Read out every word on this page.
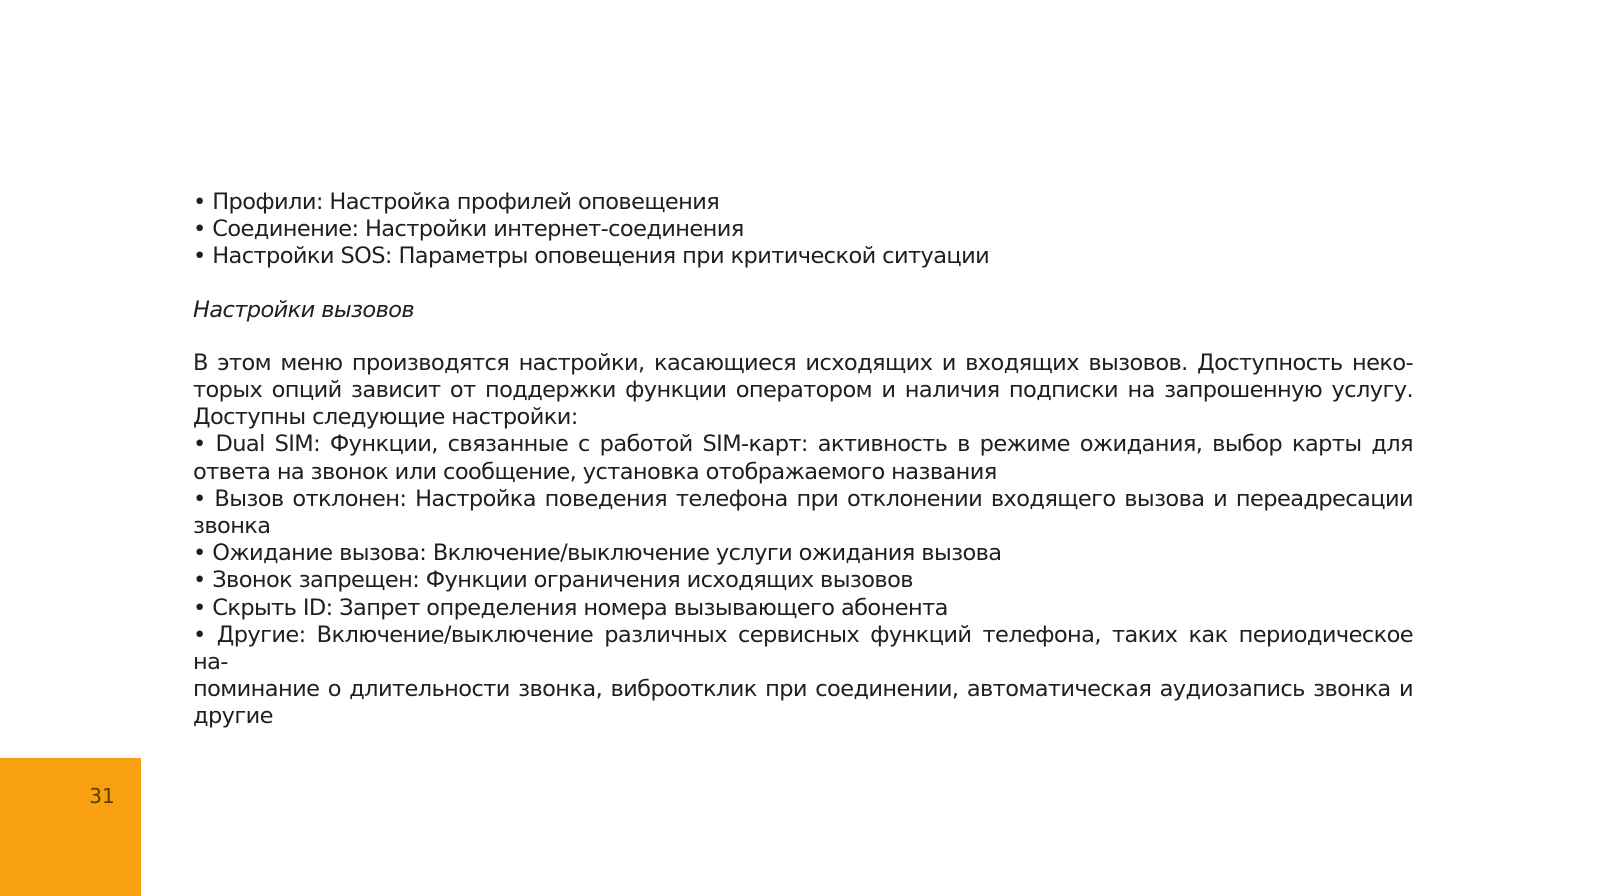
• Профили: Настройка профилей оповещения
• Соединение: Настройки интернет-соединения
• Настройки SOS: Параметры оповещения при критической ситуации
Настройки вызовов
В этом меню производятся настройки, касающиеся исходящих и входящих вызовов. Доступность неко-
торых опций зависит от поддержки функции оператором и наличия подписки на запрошенную услугу.
Доступны следующие настройки:
• Dual SIM: Функции, связанные с работой SIM-карт: активность в режиме ожидания, выбор карты для
ответа на звонок или сообщение, установка отображаемого названия
• Вызов отклонен: Настройка поведения телефона при отклонении входящего вызова и переадресации
звонка
• Ожидание вызова: Включение/выключение услуги ожидания вызова
• Звонок запрещен: Функции ограничения исходящих вызовов
• Скрыть ID: Запрет определения номера вызывающего абонента
• Другие: Включение/выключение различных сервисных функций телефона, таких как периодическое на-
поминание о длительности звонка, виброотклик при соединении, автоматическая аудиозапись звонка и
другие
31
